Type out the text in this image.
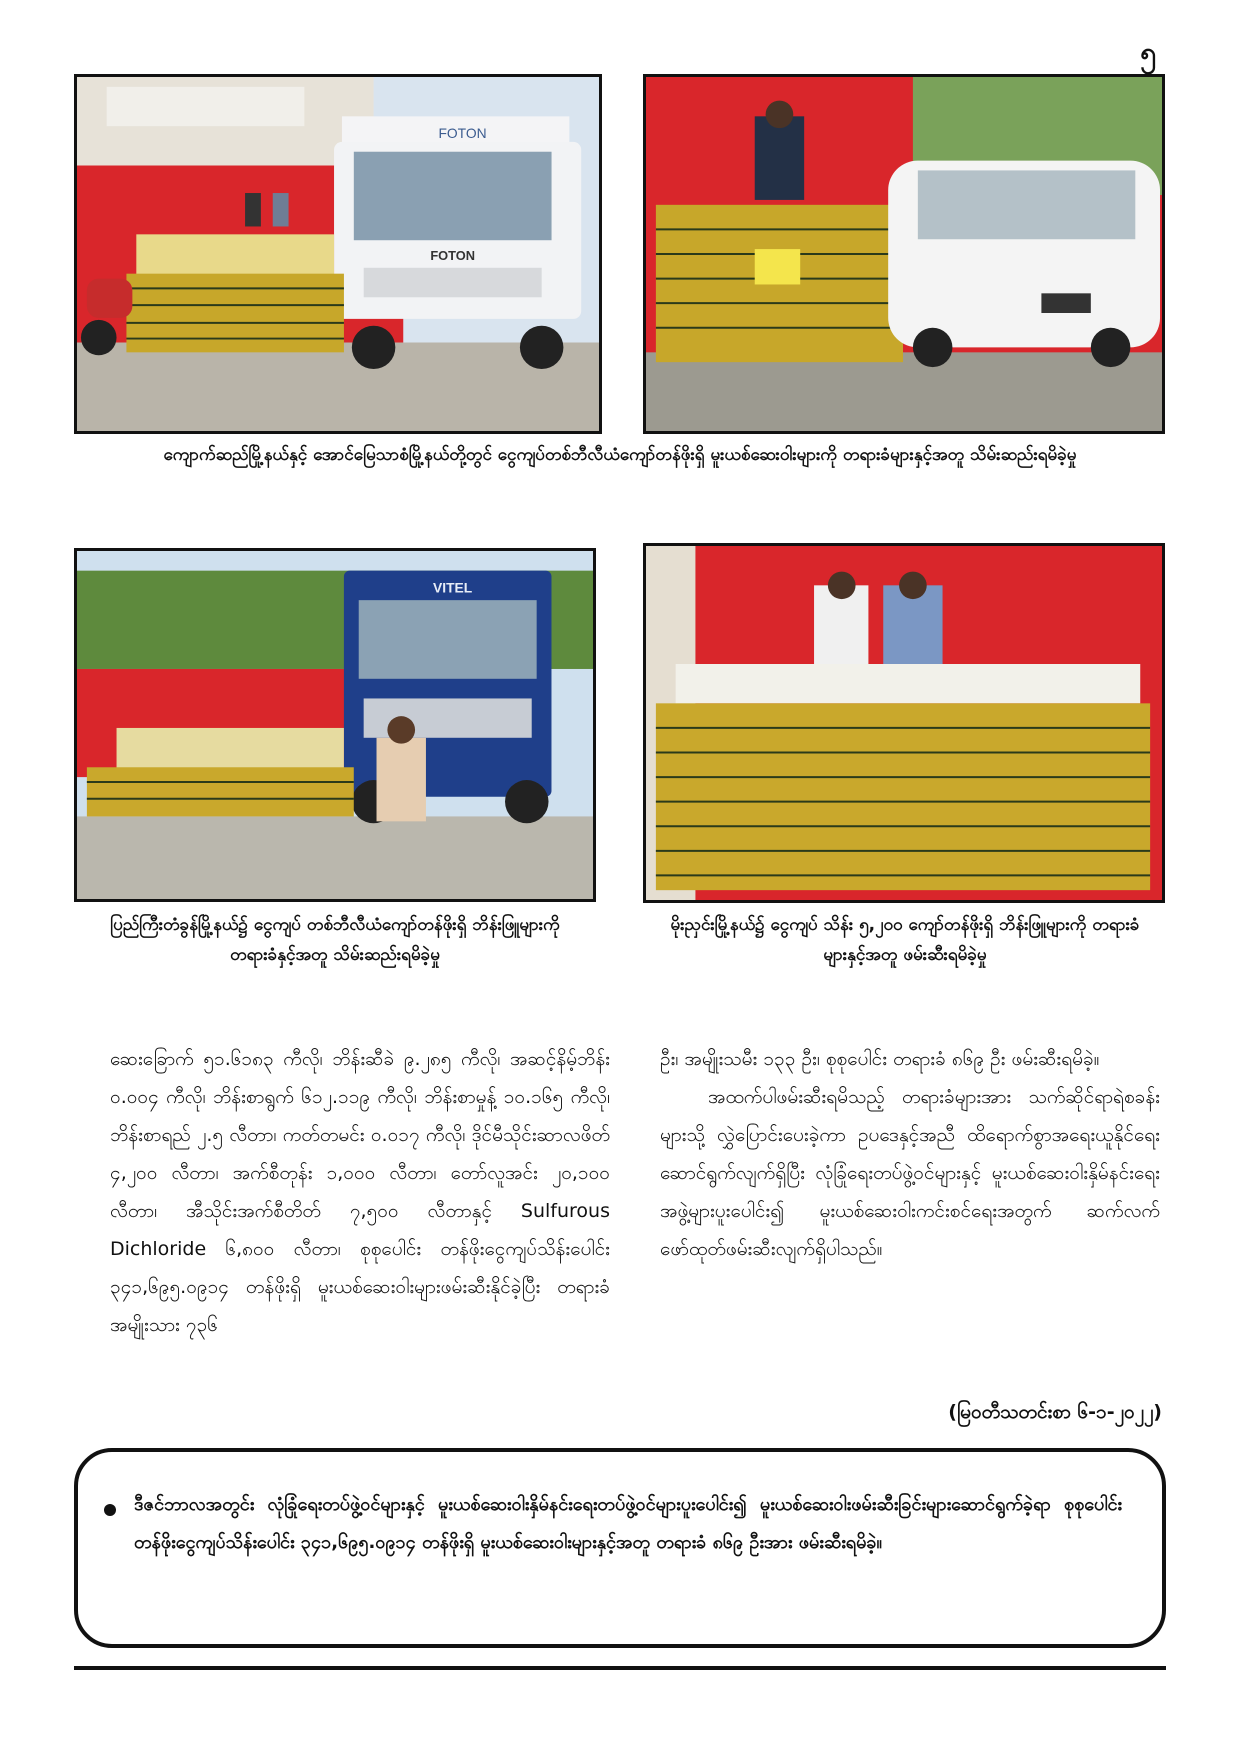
၅
FOTON
FOTON
ကျောက်ဆည်မြို့နယ်နှင့် အောင်မြေသာစံမြို့နယ်တို့တွင် ငွေကျပ်တစ်ဘီလီယံကျော်တန်ဖိုးရှိ မူးယစ်ဆေးဝါးများကို တရားခံများနှင့်အတူ သိမ်းဆည်းရမိခဲ့မှု
VITEL
ပြည်ကြီးတံခွန်မြို့နယ်၌ ငွေကျပ် တစ်ဘီလီယံကျော်တန်ဖိုးရှိ ဘိန်းဖြူများကို တရားခံနှင့်အတူ သိမ်းဆည်းရမိခဲ့မှု
မိုးညှင်းမြို့နယ်၌ ငွေကျပ် သိန်း ၅,၂၀၀ ကျော်တန်ဖိုးရှိ ဘိန်းဖြူများကို တရားခံများနှင့်အတူ ဖမ်းဆီးရမိခဲ့မှု

ဆေးခြောက် ၅၁.၆၁၈၃ ကီလို၊ ဘိန်းဆီခဲ ၉.၂၈၅ ကီလို၊ အဆင့်နိမ့်ဘိန်း ၀.၀၀၄ ကီလို၊ ဘိန်းစာရွက် ၆၁၂.၁၁၉ ကီလို၊ ဘိန်းစာမှုန့် ၁၀.၁၆၅ ကီလို၊ ဘိန်းစာရည် ၂.၅ လီတာ၊ ကတ်တမင်း ၀.၀၁၇ ကီလို၊ ဒိုင်မီသိုင်းဆာလဖိတ် ၄,၂၀၀ လီတာ၊ အက်စီတုန်း ၁,၀၀၀ လီတာ၊ တော်လူအင်း ၂၀,၁၀၀ လီတာ၊ အီသိုင်းအက်စီတိတ် ၇,၅၀၀ လီတာနှင့် Sulfurous Dichloride ၆,၈၀၀ လီတာ၊ စုစုပေါင်း တန်ဖိုးငွေကျပ်သိန်းပေါင်း ၃၄၁,၆၉၅.၀၉၁၄ တန်ဖိုးရှိ မူးယစ်ဆေးဝါးများဖမ်းဆီးနိုင်ခဲ့ပြီး တရားခံ အမျိုးသား ၇၃၆

ဦး၊ အမျိုးသမီး ၁၃၃ ဦး၊ စုစုပေါင်း တရားခံ ၈၆၉ ဦး ဖမ်းဆီးရမိခဲ့။

အထက်ပါဖမ်းဆီးရမိသည့် တရားခံများအား သက်ဆိုင်ရာရဲစခန်းများသို့ လွှဲပြောင်းပေးခဲ့ကာ ဥပဒေနှင့်အညီ ထိရောက်စွာအရေးယူနိုင်ရေး ဆောင်ရွက်လျက်ရှိပြီး လုံခြုံရေးတပ်ဖွဲ့ဝင်များနှင့် မူးယစ်ဆေးဝါးနှိမ်နင်းရေးအဖွဲ့များပူးပေါင်း၍ မူးယစ်ဆေးဝါးကင်းစင်ရေးအတွက် ဆက်လက်ဖော်ထုတ်ဖမ်းဆီးလျက်ရှိပါသည်။

(မြဝတီသတင်းစာ ၆-၁-၂၀၂၂)

ဒီဇင်ဘာလအတွင်း လုံခြုံရေးတပ်ဖွဲ့ဝင်များနှင့် မူးယစ်ဆေးဝါးနှိမ်နင်းရေးတပ်ဖွဲ့ဝင်များပူးပေါင်း၍ မူးယစ်ဆေးဝါးဖမ်းဆီးခြင်းများဆောင်ရွက်ခဲ့ရာ စုစုပေါင်းတန်ဖိုးငွေကျပ်သိန်းပေါင်း ၃၄၁,၆၉၅.၀၉၁၄ တန်ဖိုးရှိ မူးယစ်ဆေးဝါးများနှင့်အတူ တရားခံ ၈၆၉ ဦးအား ဖမ်းဆီးရမိခဲ့။
